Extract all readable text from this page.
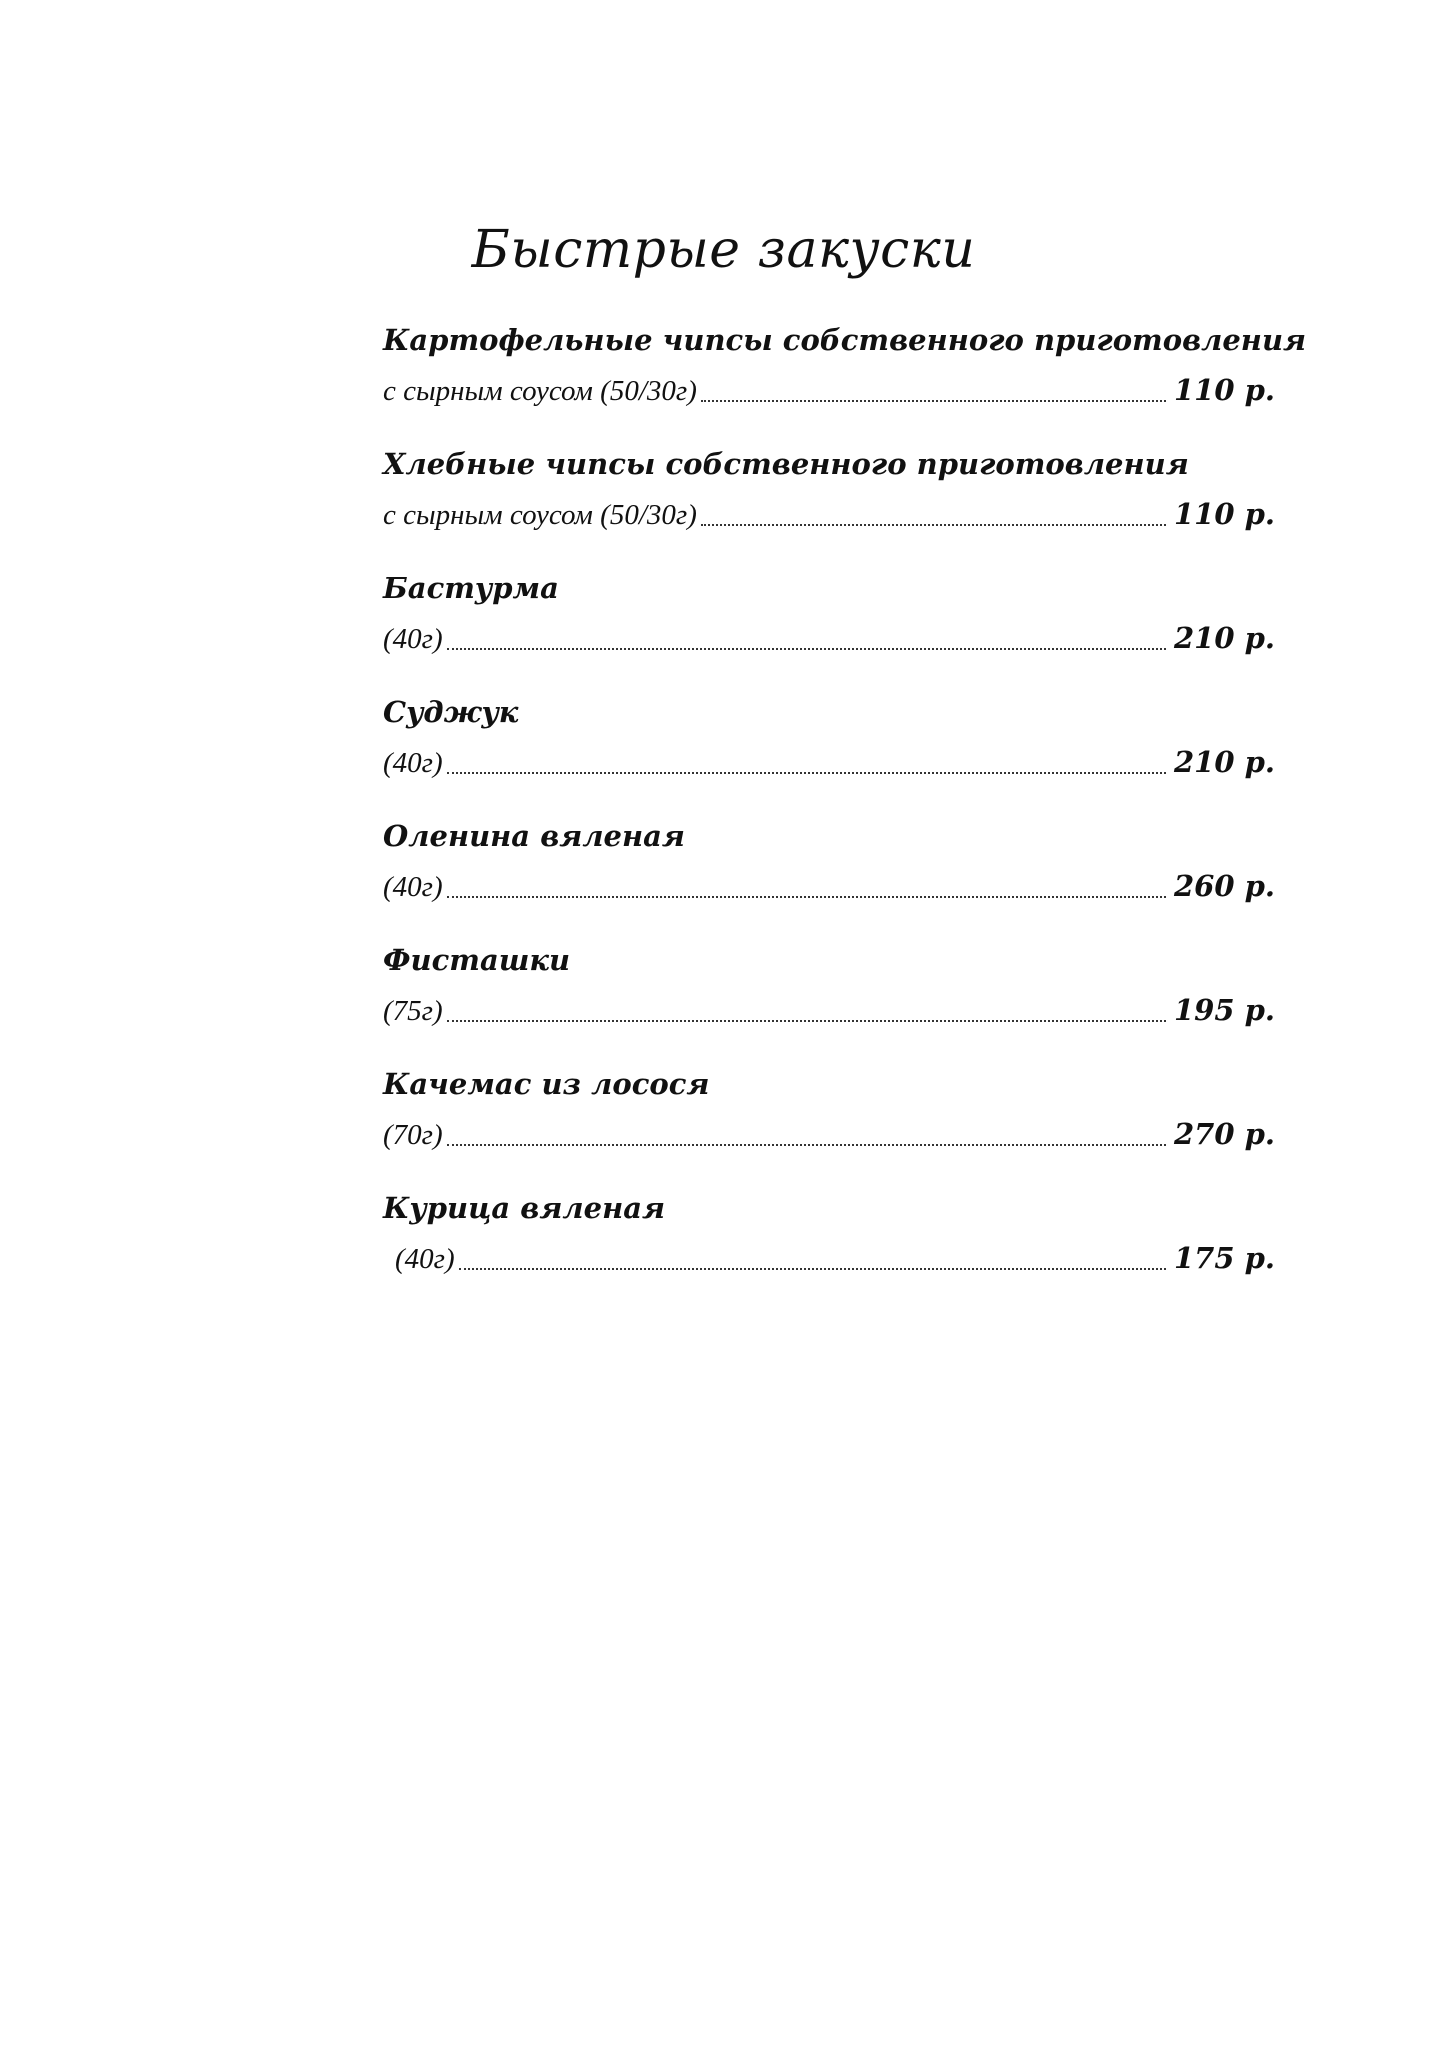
Быстрые закуски
Картофельные чипсы собственного приготовления
с сырным соусом (50/30г)	110 р.
Хлебные чипсы собственного приготовления
с сырным соусом (50/30г)	110 р.
Бастурма
(40г)	210 р.
Суджук
(40г)	210 р.
Оленина вяленая
(40г)	260 р.
Фисташки
(75г)	195 р.
Качемас из лосося
(70г)	270 р.
Курица вяленая
(40г)	175 р.
